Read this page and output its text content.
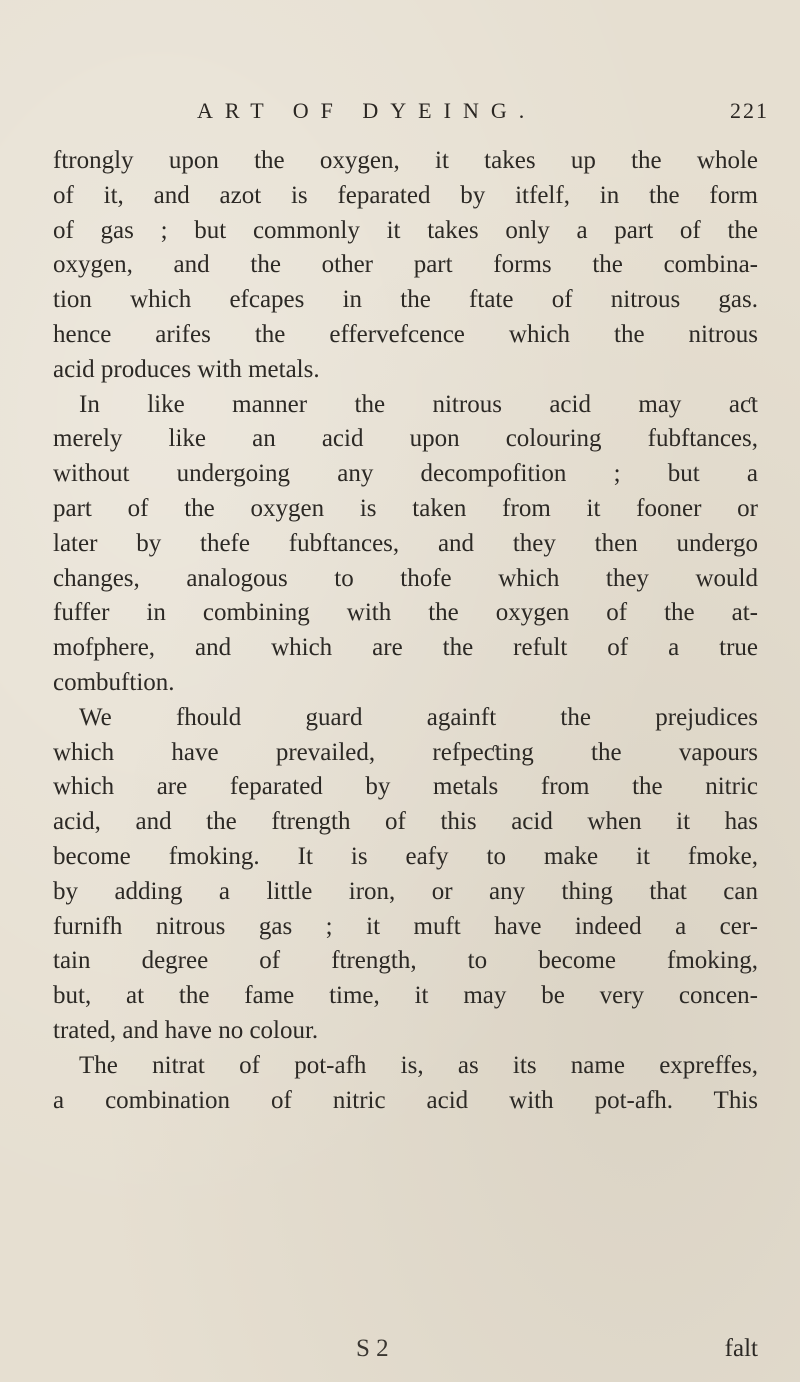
ART OF DYEING.	221
ftrongly upon the oxygen, it takes up the whole
of it, and azot is feparated by itfelf, in the form
of gas ; but commonly it takes only a part of the
oxygen, and the other part forms the combina-
tion which efcapes in the ftate of nitrous gas.
hence arifes the effervefcence which the nitrous
acid produces with metals.
In like manner the nitrous acid may aƈt
merely like an acid upon colouring fubftances,
without undergoing any decompofition ; but a
part of the oxygen is taken from it fooner or
later by thefe fubftances, and they then undergo
changes, analogous to thofe which they would
fuffer in combining with the oxygen of the at-
mofphere, and which are the refult of a true
combuftion.
We fhould guard againft the prejudices
which have prevailed, refpeƈting the vapours
which are feparated by metals from the nitric
acid, and the ftrength of this acid when it has
become fmoking. It is eafy to make it fmoke,
by adding a little iron, or any thing that can
furnifh nitrous gas ; it muft have indeed a cer-
tain degree of ftrength, to become fmoking,
but, at the fame time, it may be very concen-
trated, and have no colour.
The nitrat of pot-afh is, as its name expreffes,
a combination of nitric acid with pot-afh. This
S 2	falt
